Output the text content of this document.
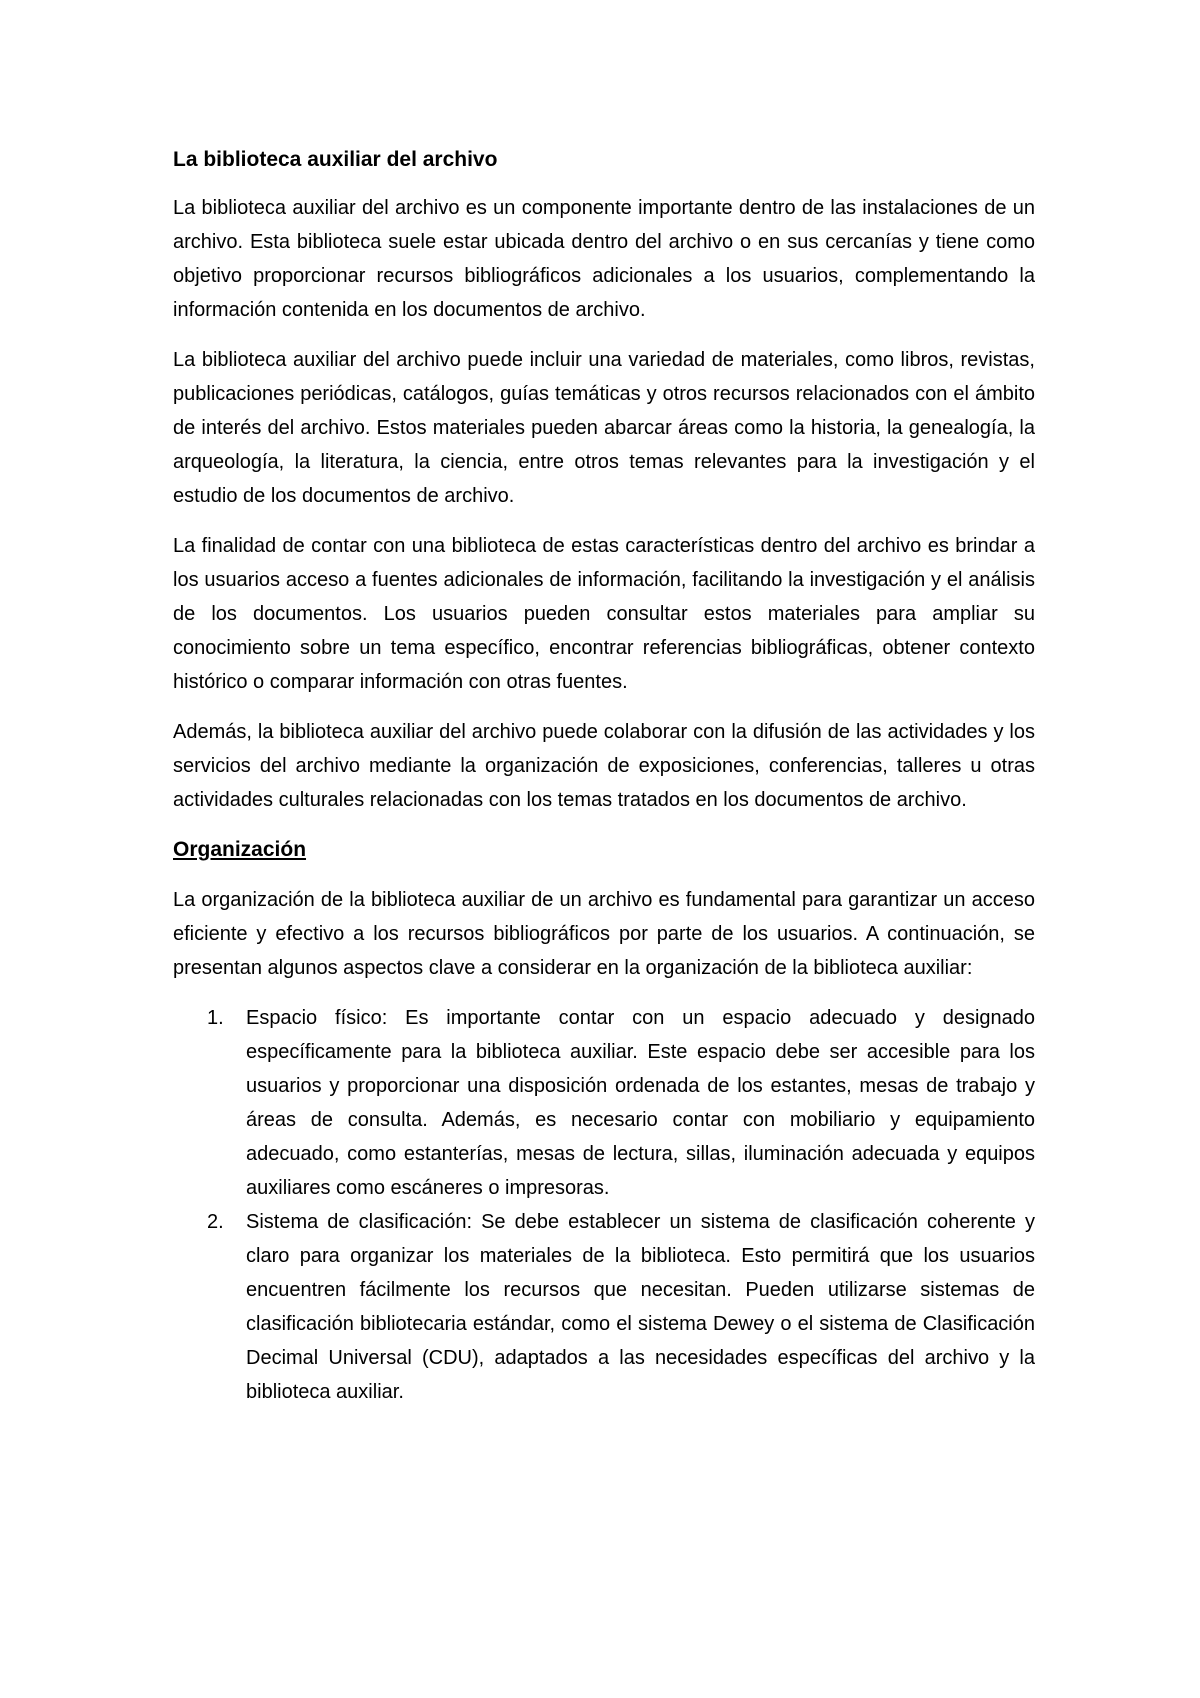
La biblioteca auxiliar del archivo

La biblioteca auxiliar del archivo es un componente importante dentro de las instalaciones de un archivo. Esta biblioteca suele estar ubicada dentro del archivo o en sus cercanías y tiene como objetivo proporcionar recursos bibliográficos adicionales a los usuarios, complementando la información contenida en los documentos de archivo.

La biblioteca auxiliar del archivo puede incluir una variedad de materiales, como libros, revistas, publicaciones periódicas, catálogos, guías temáticas y otros recursos relacionados con el ámbito de interés del archivo. Estos materiales pueden abarcar áreas como la historia, la genealogía, la arqueología, la literatura, la ciencia, entre otros temas relevantes para la investigación y el estudio de los documentos de archivo.

La finalidad de contar con una biblioteca de estas características dentro del archivo es brindar a los usuarios acceso a fuentes adicionales de información, facilitando la investigación y el análisis de los documentos. Los usuarios pueden consultar estos materiales para ampliar su conocimiento sobre un tema específico, encontrar referencias bibliográficas, obtener contexto histórico o comparar información con otras fuentes.

Además, la biblioteca auxiliar del archivo puede colaborar con la difusión de las actividades y los servicios del archivo mediante la organización de exposiciones, conferencias, talleres u otras actividades culturales relacionadas con los temas tratados en los documentos de archivo.

Organización

La organización de la biblioteca auxiliar de un archivo es fundamental para garantizar un acceso eficiente y efectivo a los recursos bibliográficos por parte de los usuarios. A continuación, se presentan algunos aspectos clave a considerar en la organización de la biblioteca auxiliar:

1. Espacio físico: Es importante contar con un espacio adecuado y designado específicamente para la biblioteca auxiliar. Este espacio debe ser accesible para los usuarios y proporcionar una disposición ordenada de los estantes, mesas de trabajo y áreas de consulta. Además, es necesario contar con mobiliario y equipamiento adecuado, como estanterías, mesas de lectura, sillas, iluminación adecuada y equipos auxiliares como escáneres o impresoras.
2. Sistema de clasificación: Se debe establecer un sistema de clasificación coherente y claro para organizar los materiales de la biblioteca. Esto permitirá que los usuarios encuentren fácilmente los recursos que necesitan. Pueden utilizarse sistemas de clasificación bibliotecaria estándar, como el sistema Dewey o el sistema de Clasificación Decimal Universal (CDU), adaptados a las necesidades específicas del archivo y la biblioteca auxiliar.
